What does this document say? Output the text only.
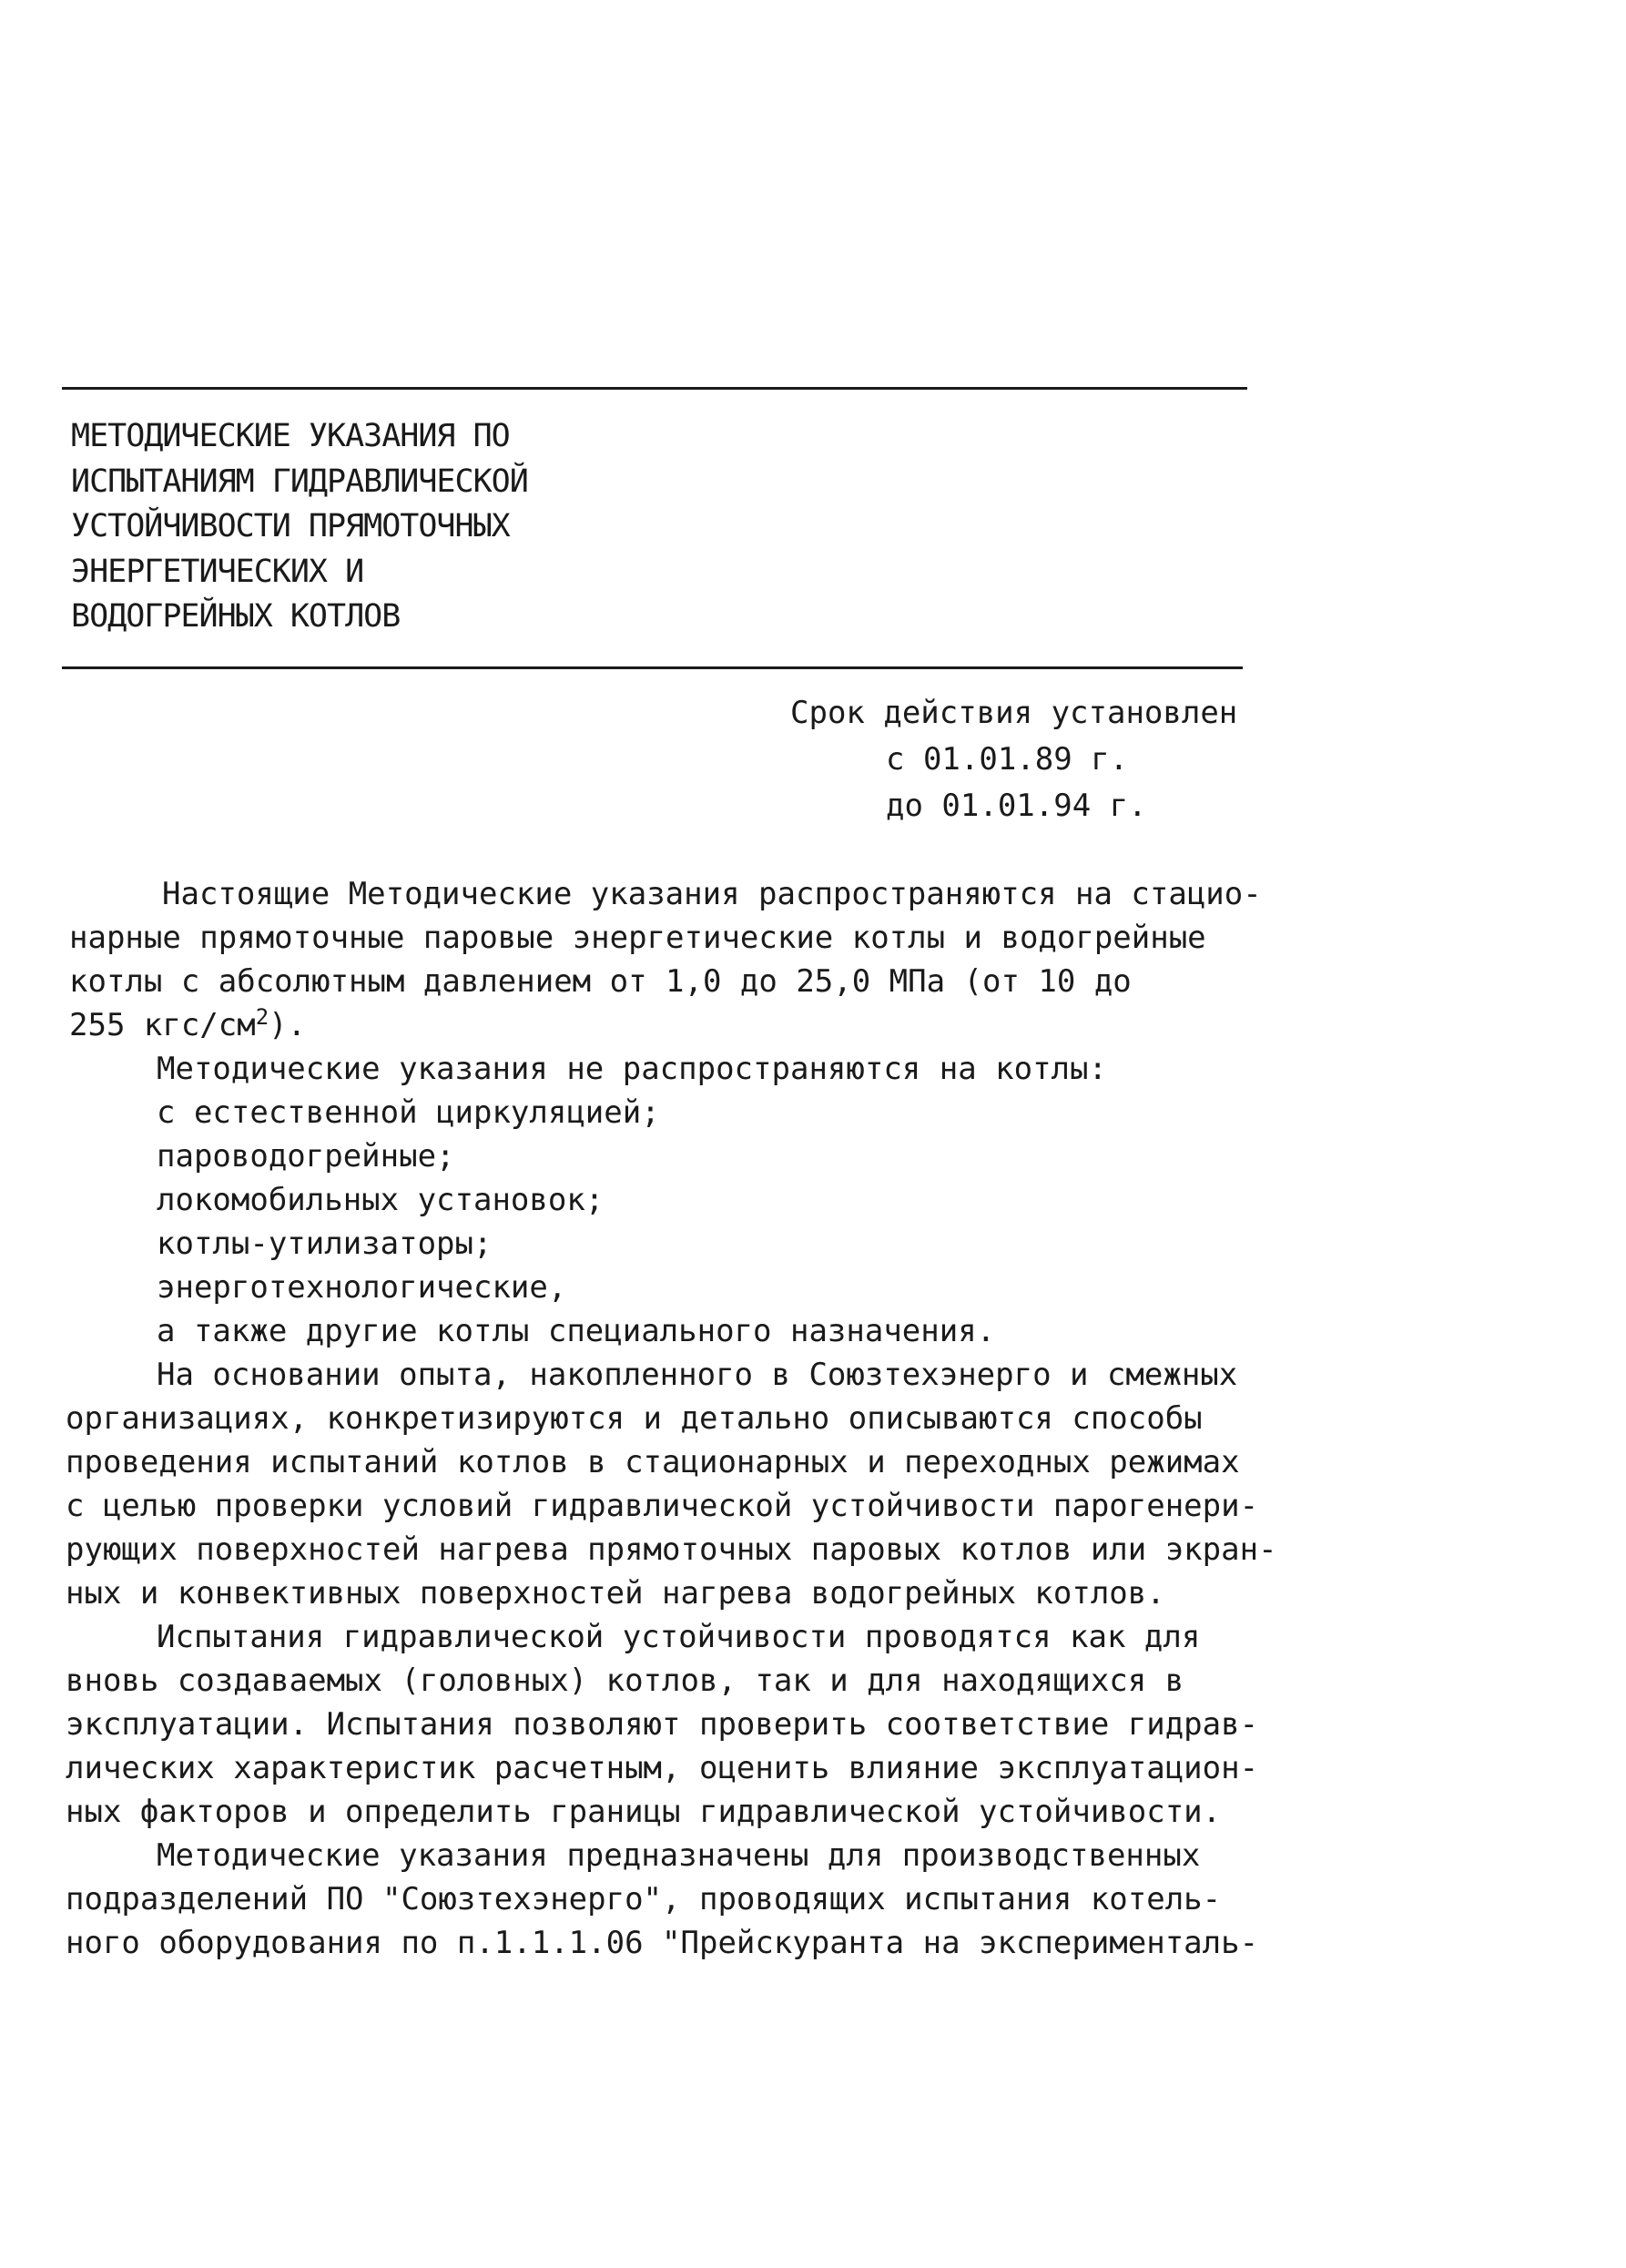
МЕТОДИЧЕСКИЕ УКАЗАНИЯ ПО
ИСПЫТАНИЯМ ГИДРАВЛИЧЕСКОЙ
УСТОЙЧИВОСТИ ПРЯМОТОЧНЫХ
ЭНЕРГЕТИЧЕСКИХ И
ВОДОГРЕЙНЫХ КОТЛОВ
Срок действия установлен
с 01.01.89 г.
до 01.01.94 г.
Настоящие Методические указания распространяются на стацио-
нарные прямоточные паровые энергетические котлы и водогрейные
котлы с абсолютным давлением от 1,0 до 25,0 МПа (от 10 до
255 кгс/$см^2$).
Методические указания не распространяются на котлы:
с естественной циркуляцией;
пароводогрейные;
локомобильных установок;
котлы-утилизаторы;
энерготехнологические,
а также другие котлы специального назначения.
На основании опыта, накопленного в Союзтехэнерго и смежных
организациях, конкретизируются и детально описываются способы
проведения испытаний котлов в стационарных и переходных режимах
с целью проверки условий гидравлической устойчивости парогенери-
рующих поверхностей нагрева прямоточных паровых котлов или экран-
ных и конвективных поверхностей нагрева водогрейных котлов.
Испытания гидравлической устойчивости проводятся как для
вновь создаваемых (головных) котлов, так и для находящихся в
эксплуатации. Испытания позволяют проверить соответствие гидрав-
лических характеристик расчетным, оценить влияние эксплуатацион-
ных факторов и определить границы гидравлической устойчивости.
Методические указания предназначены для производственных
подразделений ПО "Союзтехэнерго", проводящих испытания котель-
ного оборудования по п.1.1.1.06 "Прейскуранта на эксперименталь-
